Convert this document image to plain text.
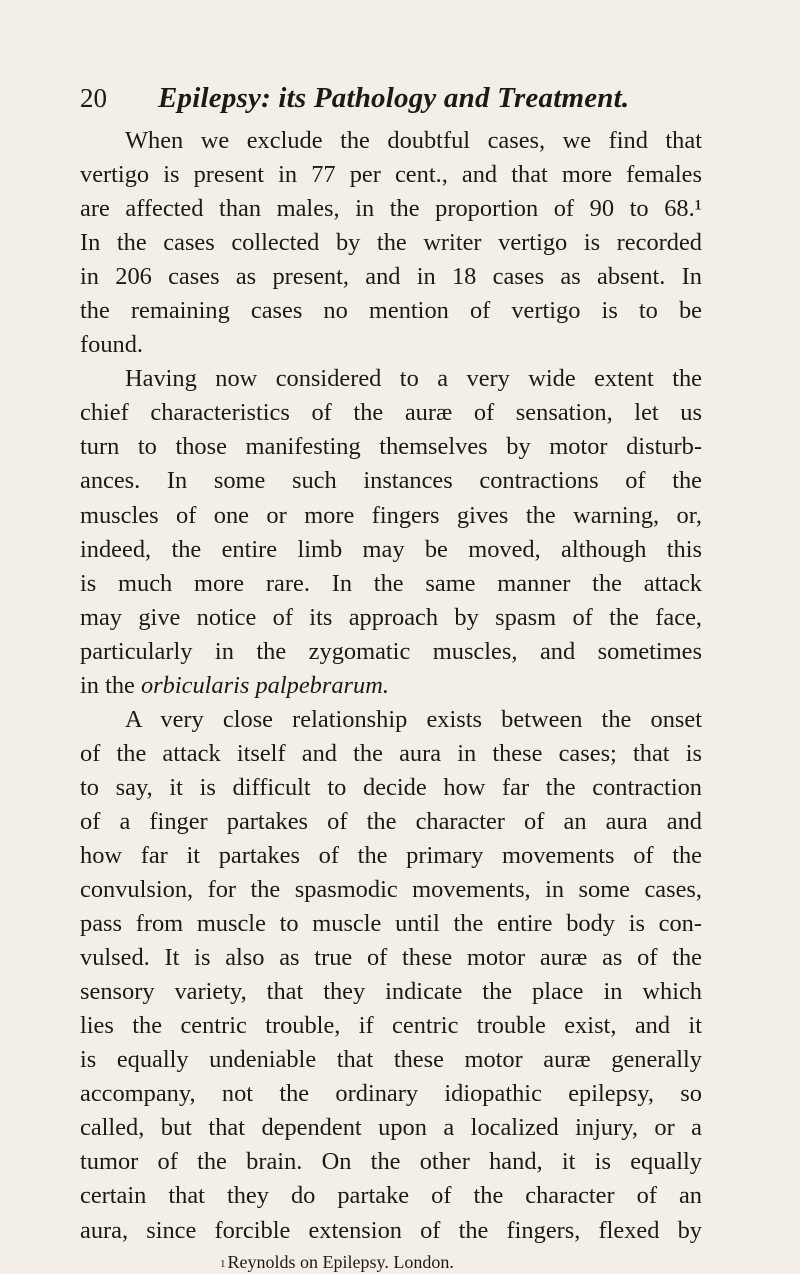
20	Epilepsy: its Pathology and Treatment.
When we exclude the doubtful cases, we find that
vertigo is present in 77 per cent., and that more females
are affected than males, in the proportion of 90 to 68.¹
In the cases collected by the writer vertigo is recorded
in 206 cases as present, and in 18 cases as absent. In
the remaining cases no mention of vertigo is to be
found.
Having now considered to a very wide extent the
chief characteristics of the auræ of sensation, let us
turn to those manifesting themselves by motor disturb-
ances. In some such instances contractions of the
muscles of one or more fingers gives the warning, or,
indeed, the entire limb may be moved, although this
is much more rare. In the same manner the attack
may give notice of its approach by spasm of the face,
particularly in the zygomatic muscles, and sometimes
in the orbicularis palpebrarum.
A very close relationship exists between the onset
of the attack itself and the aura in these cases; that is
to say, it is difficult to decide how far the contraction
of a finger partakes of the character of an aura and
how far it partakes of the primary movements of the
convulsion, for the spasmodic movements, in some cases,
pass from muscle to muscle until the entire body is con-
vulsed. It is also as true of these motor auræ as of the
sensory variety, that they indicate the place in which
lies the centric trouble, if centric trouble exist, and it
is equally undeniable that these motor auræ generally
accompany, not the ordinary idiopathic epilepsy, so
called, but that dependent upon a localized injury, or a
tumor of the brain. On the other hand, it is equally
certain that they do partake of the character of an
aura, since forcible extension of the fingers, flexed by
$^1$ Reynolds on Epilepsy. London.
